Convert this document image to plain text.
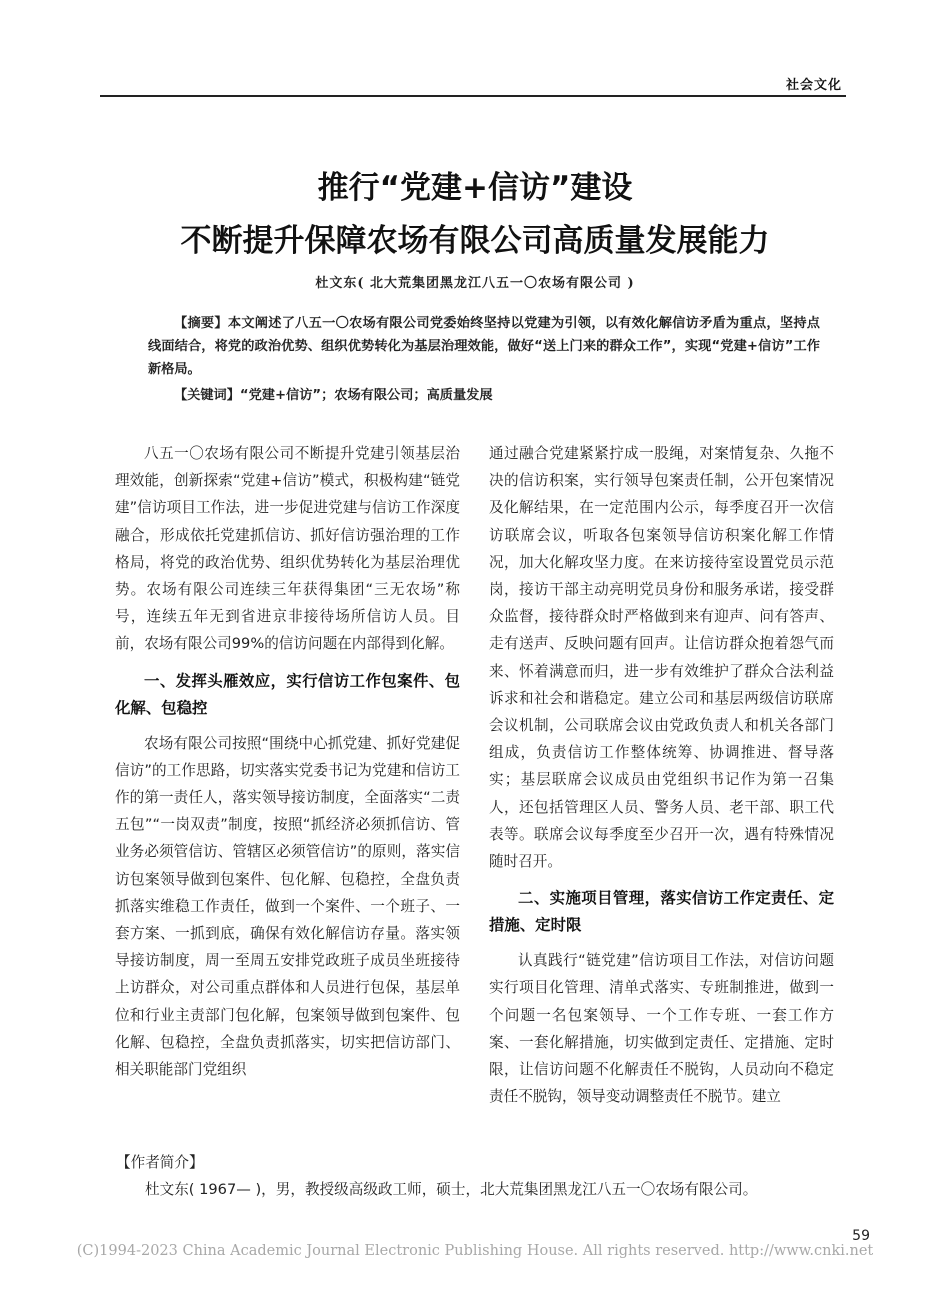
社会文化
推行“党建+信访”建设
不断提升保障农场有限公司高质量发展能力

杜文东( 北大荒集团黑龙江八五一〇农场有限公司 )

【摘要】本文阐述了八五一〇农场有限公司党委始终坚持以党建为引领，以有效化解信访矛盾为重点，坚持点线面结合，将党的政治优势、组织优势转化为基层治理效能，做好“送上门来的群众工作”，实现“党建+信访”工作新格局。

【关键词】“党建+信访”；农场有限公司；高质量发展

八五一〇农场有限公司不断提升党建引领基层治理效能，创新探索“党建+信访”模式，积极构建“链党建”信访项目工作法，进一步促进党建与信访工作深度融合，形成依托党建抓信访、抓好信访强治理的工作格局，将党的政治优势、组织优势转化为基层治理优势。农场有限公司连续三年获得集团“三无农场”称号，连续五年无到省进京非接待场所信访人员。目前，农场有限公司99%的信访问题在内部得到化解。

一、发挥头雁效应，实行信访工作包案件、包化解、包稳控

农场有限公司按照“围绕中心抓党建、抓好党建促信访”的工作思路，切实落实党委书记为党建和信访工作的第一责任人，落实领导接访制度，全面落实“二责五包”“一岗双责”制度，按照“抓经济必须抓信访、管业务必须管信访、管辖区必须管信访”的原则，落实信访包案领导做到包案件、包化解、包稳控，全盘负责抓落实维稳工作责任，做到一个案件、一个班子、一套方案、一抓到底，确保有效化解信访存量。落实领导接访制度，周一至周五安排党政班子成员坐班接待上访群众，对公司重点群体和人员进行包保，基层单位和行业主责部门包化解，包案领导做到包案件、包化解、包稳控，全盘负责抓落实，切实把信访部门、相关职能部门党组织

通过融合党建紧紧拧成一股绳，对案情复杂、久拖不决的信访积案，实行领导包案责任制，公开包案情况及化解结果，在一定范围内公示，每季度召开一次信访联席会议，听取各包案领导信访积案化解工作情况，加大化解攻坚力度。在来访接待室设置党员示范岗，接访干部主动亮明党员身份和服务承诺，接受群众监督，接待群众时严格做到来有迎声、问有答声、走有送声、反映问题有回声。让信访群众抱着怨气而来、怀着满意而归，进一步有效维护了群众合法利益诉求和社会和谐稳定。建立公司和基层两级信访联席会议机制，公司联席会议由党政负责人和机关各部门组成，负责信访工作整体统筹、协调推进、督导落实；基层联席会议成员由党组织书记作为第一召集人，还包括管理区人员、警务人员、老干部、职工代表等。联席会议每季度至少召开一次，遇有特殊情况随时召开。

二、实施项目管理，落实信访工作定责任、定措施、定时限

认真践行“链党建”信访项目工作法，对信访问题实行项目化管理、清单式落实、专班制推进，做到一个问题一名包案领导、一个工作专班、一套工作方案、一套化解措施，切实做到定责任、定措施、定时限，让信访问题不化解责任不脱钩，人员动向不稳定责任不脱钩，领导变动调整责任不脱节。建立

【作者简介】

杜文东( 1967— )，男，教授级高级政工师，硕士，北大荒集团黑龙江八五一〇农场有限公司。

59
(C)1994-2023 China Academic Journal Electronic Publishing House. All rights reserved. http://www.cnki.net
